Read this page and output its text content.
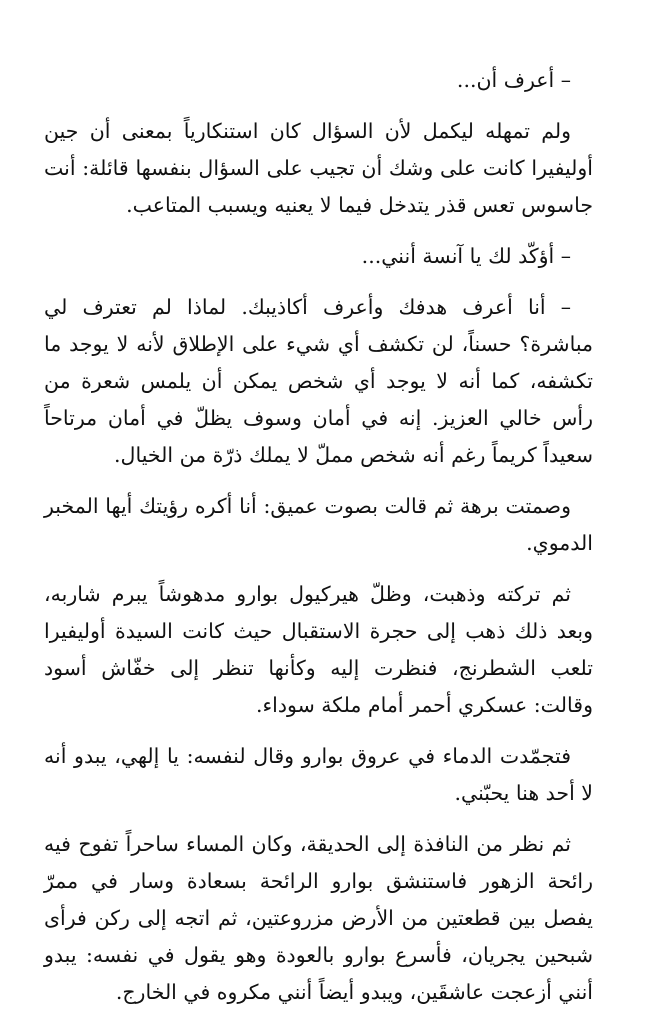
– أعرف أن...

ولم تمهله ليكمل لأن السؤال كان استنكارياً بمعنى أن جين أوليفيرا كانت على وشك أن تجيب على السؤال بنفسها قائلة: أنت جاسوس تعس قذر يتدخل فيما لا يعنيه ويسبب المتاعب.

– أؤكّد لك يا آنسة أنني...

– أنا أعرف هدفك وأعرف أكاذيبك. لماذا لم تعترف لي مباشرة؟ حسناً، لن تكشف أي شيء على الإطلاق لأنه لا يوجد ما تكشفه، كما أنه لا يوجد أي شخص يمكن أن يلمس شعرة من رأس خالي العزيز. إنه في أمان وسوف يظلّ في أمان مرتاحاً سعيداً كريماً رغم أنه شخص مملّ لا يملك ذرّة من الخيال.

وصمتت برهة ثم قالت بصوت عميق: أنا أكره رؤيتك أيها المخبر الدموي.

ثم تركته وذهبت، وظلّ هيركيول بوارو مدهوشاً يبرم شاربه، وبعد ذلك ذهب إلى حجرة الاستقبال حيث كانت السيدة أوليفيرا تلعب الشطرنج، فنظرت إليه وكأنها تنظر إلى خفّاش أسود وقالت: عسكري أحمر أمام ملكة سوداء.

فتجمّدت الدماء في عروق بوارو وقال لنفسه: يا إلهي، يبدو أنه لا أحد هنا يحبّني.

ثم نظر من النافذة إلى الحديقة، وكان المساء ساحراً تفوح فيه رائحة الزهور فاستنشق بوارو الرائحة بسعادة وسار في ممرّ يفصل بين قطعتين من الأرض مزروعتين، ثم اتجه إلى ركن فرأى شبحين يجريان، فأسرع بوارو بالعودة وهو يقول في نفسه: يبدو أنني أزعجت عاشقَين، ويبدو أيضاً أنني مكروه في الخارج.
